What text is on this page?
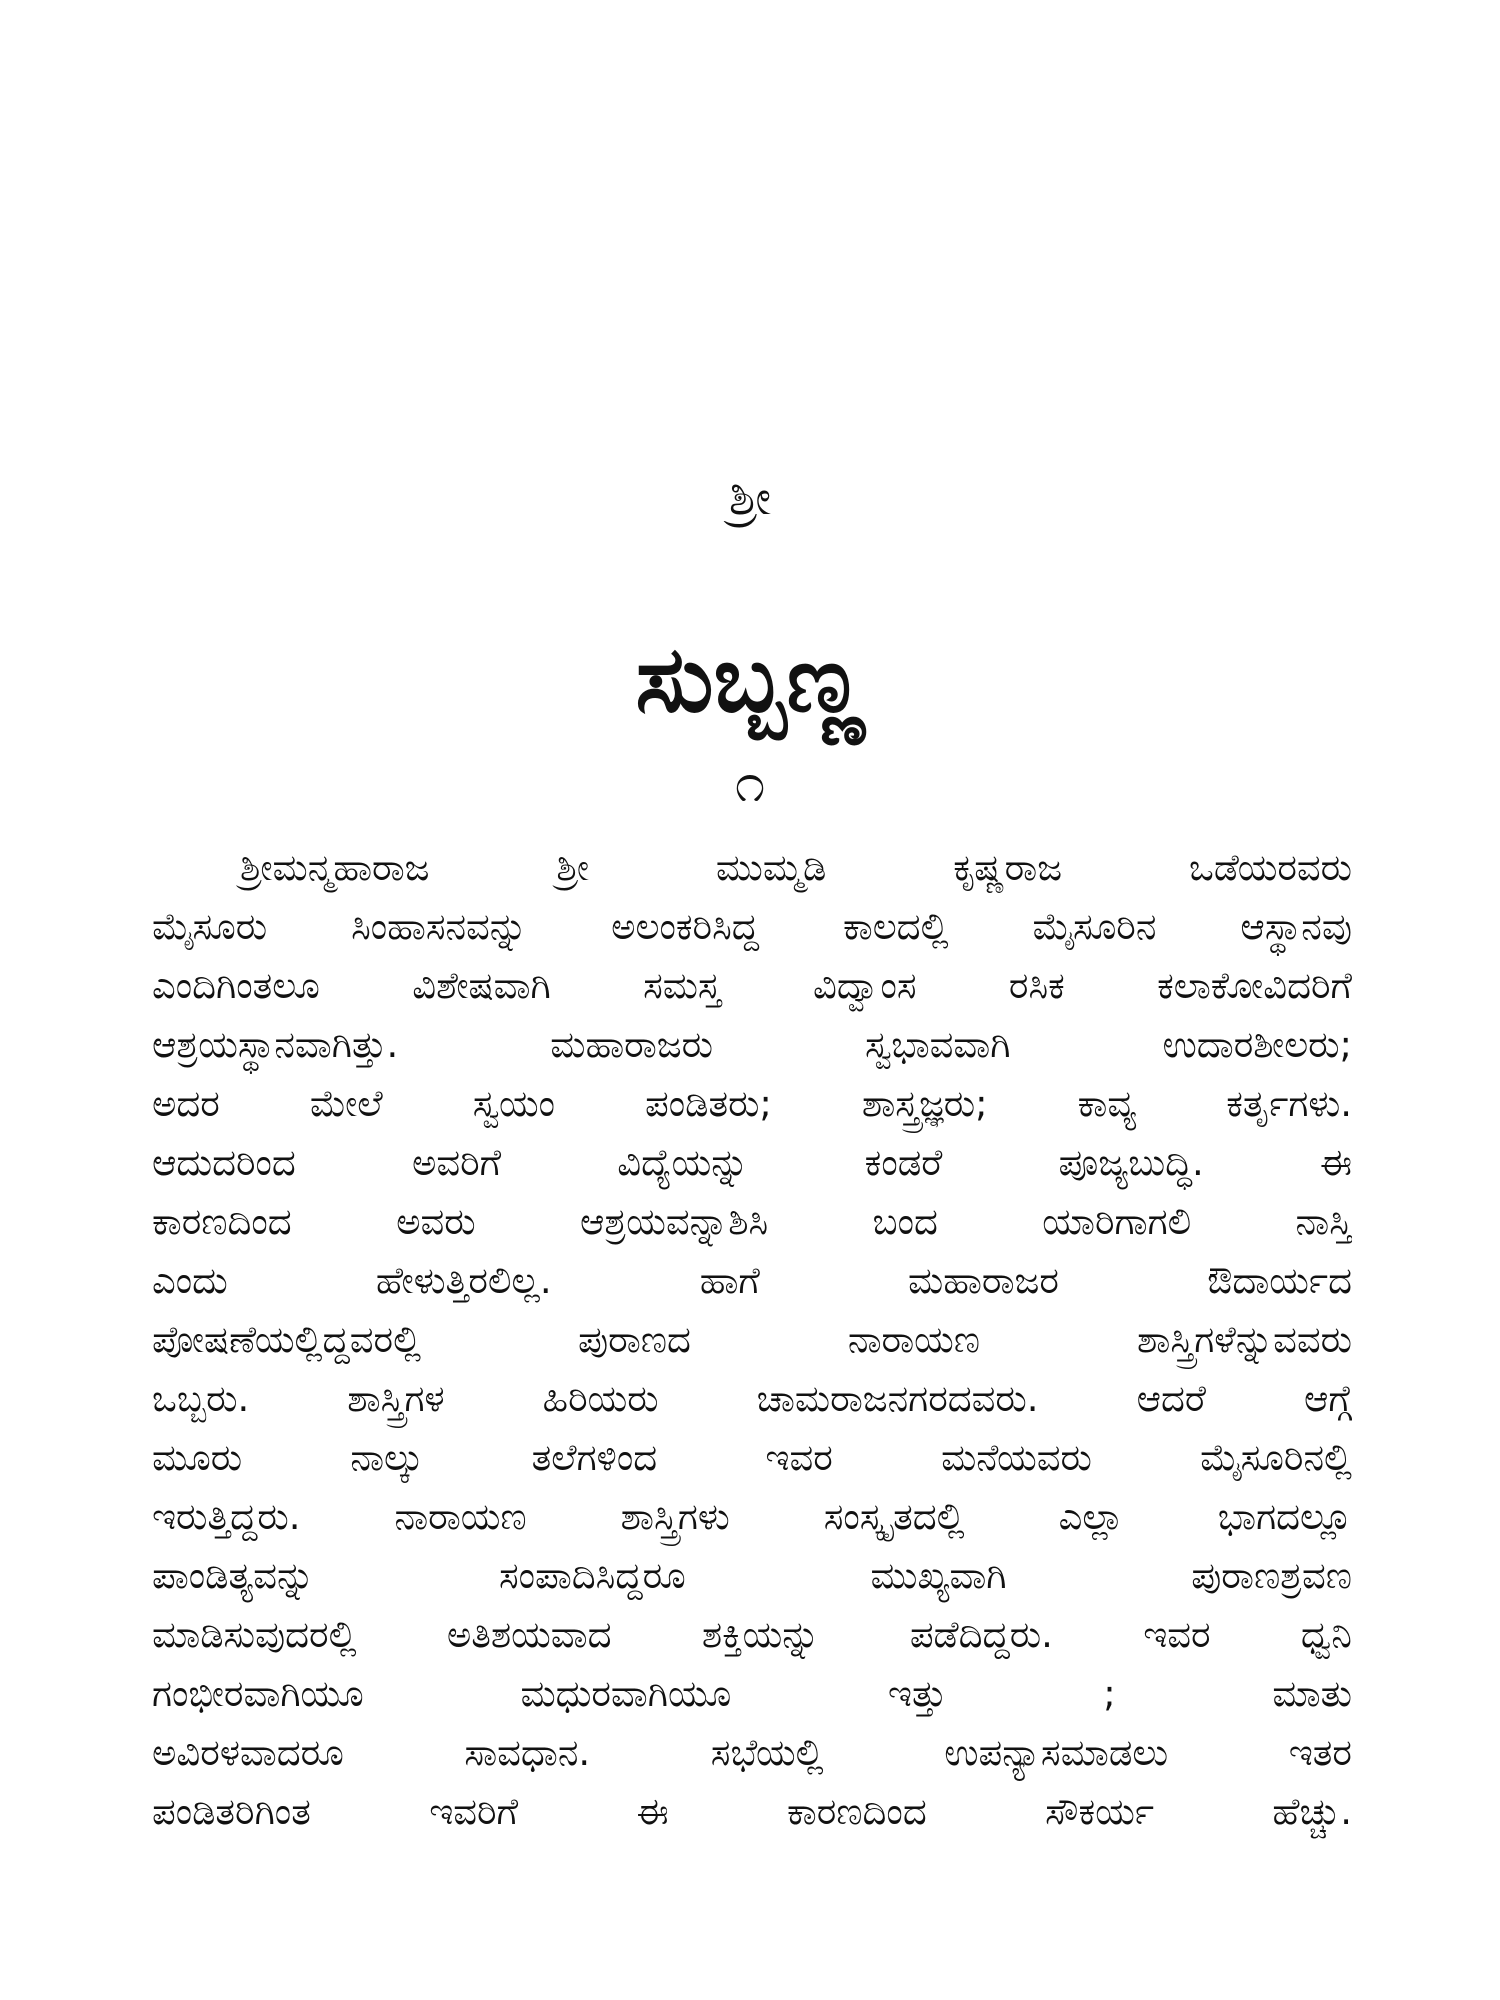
ಶ್ರೀ
ಸುಬ್ಬಣ್ಣ
೧
ಶ್ರೀಮನ್ಮಹಾರಾಜ ಶ್ರೀ ಮುಮ್ಮಡಿ ಕೃಷ್ಣರಾಜ ಒಡೆಯರವರು
ಮೈಸೂರು ಸಿಂಹಾಸನವನ್ನು ಅಲಂಕರಿಸಿದ್ದ ಕಾಲದಲ್ಲಿ ಮೈಸೂರಿನ ಆಸ್ಥಾನವು
ಎಂದಿಗಿಂತಲೂ ವಿಶೇಷವಾಗಿ ಸಮಸ್ತ ವಿದ್ವಾಂಸ ರಸಿಕ ಕಲಾಕೋವಿದರಿಗೆ
ಆಶ್ರಯಸ್ಥಾನವಾಗಿತ್ತು. ಮಹಾರಾಜರು ಸ್ವಭಾವವಾಗಿ ಉದಾರಶೀಲರು;
ಅದರ ಮೇಲೆ ಸ್ವಯಂ ಪಂಡಿತರು; ಶಾಸ್ತ್ರಜ್ಞರು; ಕಾವ್ಯ ಕರ್ತೃಗಳು.
ಆದುದರಿಂದ ಅವರಿಗೆ ವಿದ್ಯೆಯನ್ನು ಕಂಡರೆ ಪೂಜ್ಯಬುದ್ಧಿ. ಈ
ಕಾರಣದಿಂದ ಅವರು ಆಶ್ರಯವನ್ನಾಶಿಸಿ ಬಂದ ಯಾರಿಗಾಗಲಿ ನಾಸ್ತಿ
ಎಂದು ಹೇಳುತ್ತಿರಲಿಲ್ಲ. ಹಾಗೆ ಮಹಾರಾಜರ ಔದಾರ್ಯದ
ಪೋಷಣೆಯಲ್ಲಿದ್ದವರಲ್ಲಿ ಪುರಾಣದ ನಾರಾಯಣ ಶಾಸ್ತ್ರಿಗಳೆನ್ನುವವರು
ಒಬ್ಬರು. ಶಾಸ್ತ್ರಿಗಳ ಹಿರಿಯರು ಚಾಮರಾಜನಗರದವರು. ಆದರೆ ಆಗ್ಗೆ
ಮೂರು ನಾಲ್ಕು ತಲೆಗಳಿಂದ ಇವರ ಮನೆಯವರು ಮೈಸೂರಿನಲ್ಲಿ
ಇರುತ್ತಿದ್ದರು. ನಾರಾಯಣ ಶಾಸ್ತ್ರಿಗಳು ಸಂಸ್ಕೃತದಲ್ಲಿ ಎಲ್ಲಾ ಭಾಗದಲ್ಲೂ
ಪಾಂಡಿತ್ಯವನ್ನು ಸಂಪಾದಿಸಿದ್ದರೂ ಮುಖ್ಯವಾಗಿ ಪುರಾಣಶ್ರವಣ
ಮಾಡಿಸುವುದರಲ್ಲಿ ಅತಿಶಯವಾದ ಶಕ್ತಿಯನ್ನು ಪಡೆದಿದ್ದರು. ಇವರ ಧ್ವನಿ
ಗಂಭೀರವಾಗಿಯೂ ಮಧುರವಾಗಿಯೂ ಇತ್ತು ; ಮಾತು
ಅವಿರಳವಾದರೂ ಸಾವಧಾನ. ಸಭೆಯಲ್ಲಿ ಉಪನ್ಯಾಸಮಾಡಲು ಇತರ
ಪಂಡಿತರಿಗಿಂತ ಇವರಿಗೆ ಈ ಕಾರಣದಿಂದ ಸೌಕರ್ಯ ಹೆಚ್ಚು.
